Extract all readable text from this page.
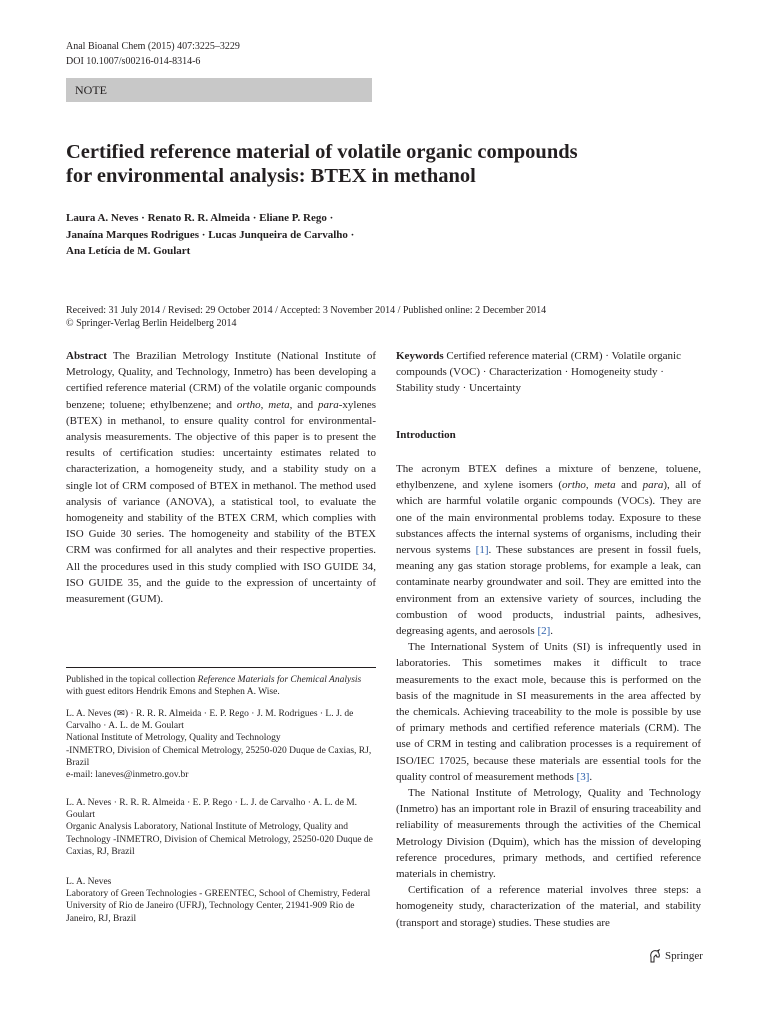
Anal Bioanal Chem (2015) 407:3225–3229
DOI 10.1007/s00216-014-8314-6
NOTE
Certified reference material of volatile organic compounds
for environmental analysis: BTEX in methanol
Laura A. Neves · Renato R. R. Almeida · Eliane P. Rego ·
Janaína Marques Rodrigues · Lucas Junqueira de Carvalho ·
Ana Letícia de M. Goulart
Received: 31 July 2014 / Revised: 29 October 2014 / Accepted: 3 November 2014 / Published online: 2 December 2014
© Springer-Verlag Berlin Heidelberg 2014

Abstract The Brazilian Metrology Institute (National Institute of Metrology, Quality, and Technology, Inmetro) has been developing a certified reference material (CRM) of the volatile organic compounds benzene; toluene; ethylbenzene; and ortho, meta, and para-xylenes (BTEX) in methanol, to ensure quality control for environmental-analysis measurements. The objective of this paper is to present the results of certification studies: uncertainty estimates related to characterization, a homogeneity study, and a stability study on a single lot of CRM composed of BTEX in methanol. The method used analysis of variance (ANOVA), a statistical tool, to evaluate the homogeneity and stability of the BTEX CRM, which complies with ISO Guide 30 series. The homogeneity and stability of the BTEX CRM was confirmed for all analytes and their respective properties. All the procedures used in this study complied with ISO GUIDE 34, ISO GUIDE 35, and the guide to the expression of uncertainty of measurement (GUM).

Published in the topical collection Reference Materials for Chemical Analysis with guest editors Hendrik Emons and Stephen A. Wise.
L. A. Neves (✉) · R. R. R. Almeida · E. P. Rego · J. M. Rodrigues · L. J. de Carvalho · A. L. de M. Goulart
National Institute of Metrology, Quality and Technology
-INMETRO, Division of Chemical Metrology, 25250-020 Duque de Caxias, RJ, Brazil
e-mail: laneves@inmetro.gov.br
L. A. Neves · R. R. R. Almeida · E. P. Rego · L. J. de Carvalho · A. L. de M. Goulart
Organic Analysis Laboratory, National Institute of Metrology, Quality and Technology -INMETRO, Division of Chemical Metrology, 25250-020 Duque de Caxias, RJ, Brazil
L. A. Neves
Laboratory of Green Technologies - GREENTEC, School of Chemistry, Federal University of Rio de Janeiro (UFRJ), Technology Center, 21941-909 Rio de Janeiro, RJ, Brazil

Keywords Certified reference material (CRM) · Volatile organic compounds (VOC) · Characterization · Homogeneity study · Stability study · Uncertainty

Introduction

The acronym BTEX defines a mixture of benzene, toluene, ethylbenzene, and xylene isomers (ortho, meta and para), all of which are harmful volatile organic compounds (VOCs). They are one of the main environmental problems today. Exposure to these substances affects the internal systems of organisms, including their nervous systems [1]. These substances are present in fossil fuels, meaning any gas station storage problems, for example a leak, can contaminate nearby groundwater and soil. They are emitted into the environment from an extensive variety of sources, including the combustion of wood products, industrial paints, adhesives, degreasing agents, and aerosols [2].

The International System of Units (SI) is infrequently used in laboratories. This sometimes makes it difficult to trace measurements to the exact mole, because this is performed on the basis of the magnitude in SI measurements in the area affected by the chemicals. Achieving traceability to the mole is possible by use of primary methods and certified reference materials (CRM). The use of CRM in testing and calibration processes is a requirement of ISO/IEC 17025, because these materials are essential tools for the quality control of measurement methods [3].

The National Institute of Metrology, Quality and Technology (Inmetro) has an important role in Brazil of ensuring traceability and reliability of measurements through the activities of the Chemical Metrology Division (Dquim), which has the mission of developing reference procedures, primary methods, and certified reference materials in chemistry.

Certification of a reference material involves three steps: a homogeneity study, characterization of the material, and stability (transport and storage) studies. These studies are

Springer
